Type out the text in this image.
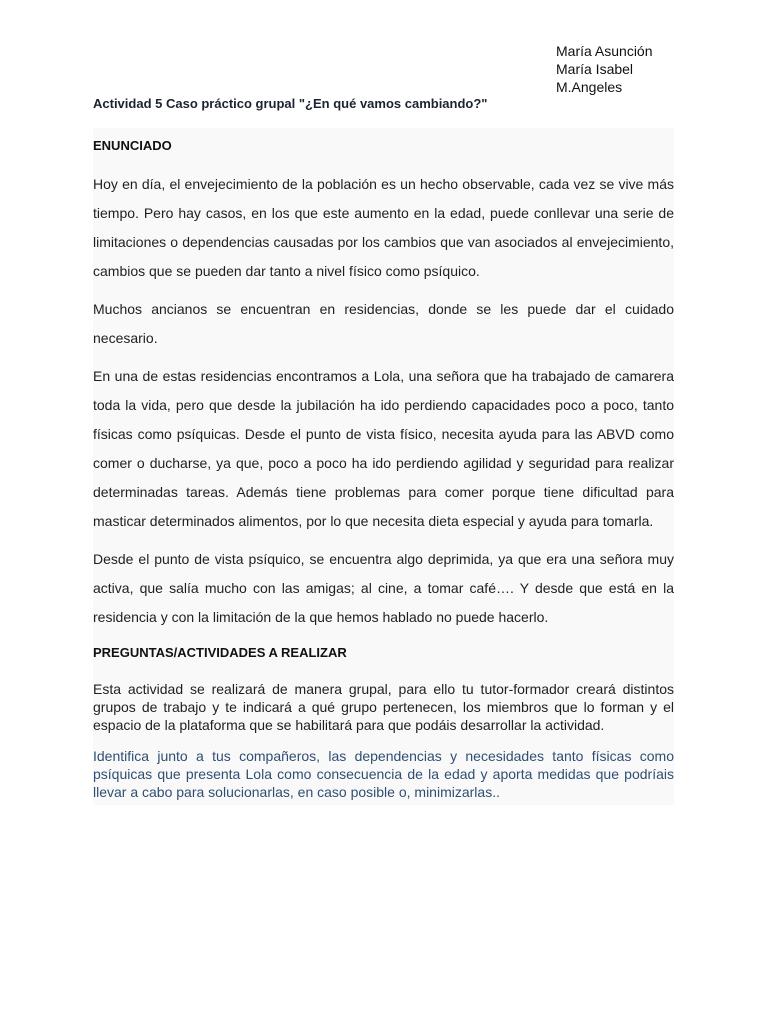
María Asunción
María Isabel
M.Angeles
Actividad 5 Caso práctico grupal "¿En qué vamos cambiando?"
ENUNCIADO

Hoy en día, el envejecimiento de la población es un hecho observable, cada vez se vive más tiempo. Pero hay casos, en los que este aumento en la edad, puede conllevar una serie de limitaciones o dependencias causadas por los cambios que van asociados al envejecimiento, cambios que se pueden dar tanto a nivel físico como psíquico.

Muchos ancianos se encuentran en residencias, donde se les puede dar el cuidado necesario.

En una de estas residencias encontramos a Lola, una señora que ha trabajado de camarera toda la vida, pero que desde la jubilación ha ido perdiendo capacidades poco a poco, tanto físicas como psíquicas. Desde el punto de vista físico, necesita ayuda para las ABVD como comer o ducharse, ya que, poco a poco ha ido perdiendo agilidad y seguridad para realizar determinadas tareas. Además tiene problemas para comer porque tiene dificultad para masticar determinados alimentos, por lo que necesita dieta especial y ayuda para tomarla.

Desde el punto de vista psíquico, se encuentra algo deprimida, ya que era una señora muy activa, que salía mucho con las amigas; al cine, a tomar café…. Y desde que está en la residencia y con la limitación de la que hemos hablado no puede hacerlo.

PREGUNTAS/ACTIVIDADES A REALIZAR

Esta actividad se realizará de manera grupal, para ello tu tutor-formador creará distintos grupos de trabajo y te indicará a qué grupo pertenecen, los miembros que lo forman y el espacio de la plataforma que se habilitará para que podáis desarrollar la actividad.

Identifica junto a tus compañeros, las dependencias y necesidades tanto físicas como psíquicas que presenta Lola como consecuencia de la edad y aporta medidas que podríais llevar a cabo para solucionarlas, en caso posible o, minimizarlas..
